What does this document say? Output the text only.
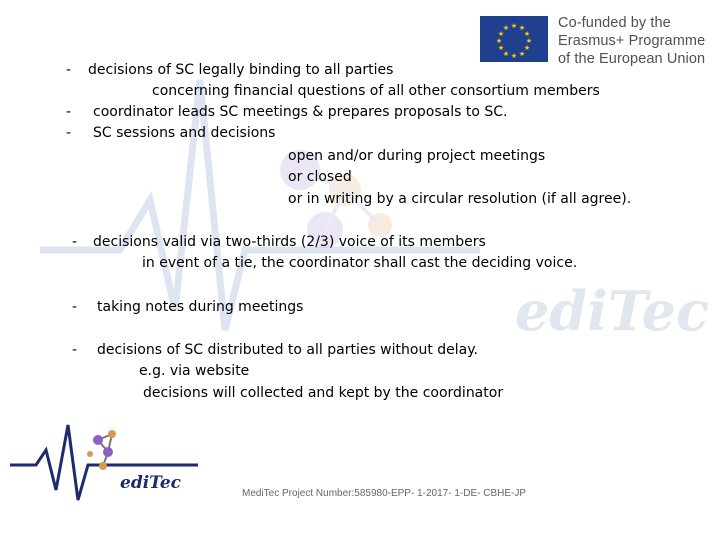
ediTec
★ ★
★
★
★
★
★
★
★
★
★
★	Co-funded by the
Erasmus+ Programme
of the European Union
- decisions of SC legally binding to all parties
concerning financial questions of all other consortium members
- coordinator leads SC meetings & prepares proposals to SC.
- SC sessions and decisions
open and/or during project meetings
or closed
or in writing by a circular resolution (if all agree).
- decisions valid via two-thirds (2/3) voice of its members
in event of a tie, the coordinator shall cast the deciding voice.
- taking notes during meetings
- decisions of SC distributed to all parties without delay.
e.g. via website
decisions will collected and kept by the coordinator
ediTec
MediTec Project Number:585980-EPP- 1-2017- 1-DE- CBHE-JP
